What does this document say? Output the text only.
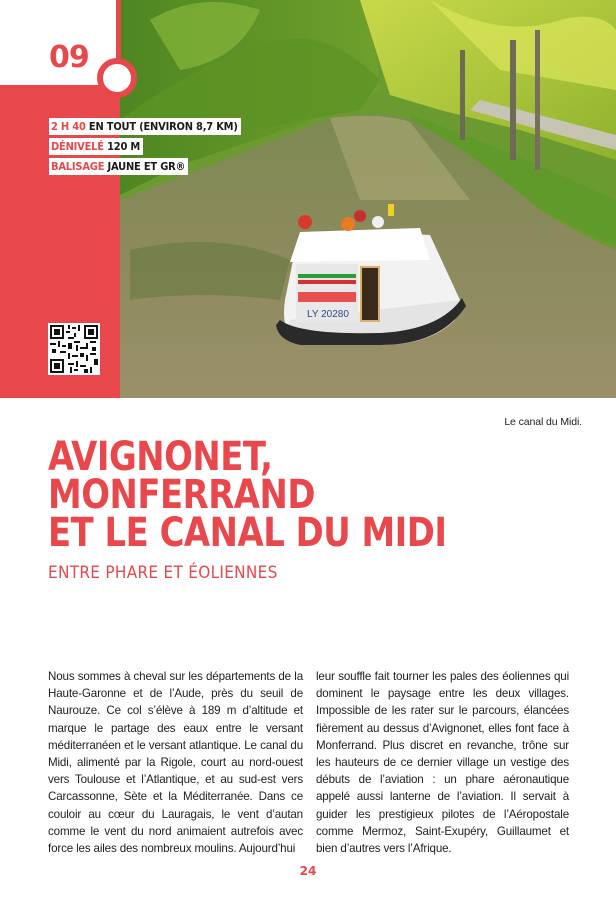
LY 20280
09
2 H 40 EN TOUT (ENVIRON 8,7 KM)
DÉNIVELÉ 120 M
BALISAGE JAUNE ET GR®
Le canal du Midi.
AVIGNONET,
MONFERRAND
ET LE CANAL DU MIDI
ENTRE PHARE ET ÉOLIENNES
Nous sommes à cheval sur les départements de la Haute-Garonne et de l’Aude, près du seuil de Naurouze. Ce col s’élève à 189 m d’altitude et marque le partage des eaux entre le versant méditerranéen et le versant atlantique. Le canal du Midi, alimenté par la Rigole, court au nord-ouest vers Toulouse et l’Atlantique, et au sud-est vers Carcassonne, Sète et la Méditerranée. Dans ce couloir au cœur du Lauragais, le vent d’autan comme le vent du nord animaient autrefois avec force les ailes des nombreux moulins. Aujourd’hui
leur souffle fait tourner les pales des éoliennes qui dominent le paysage entre les deux villages. Impossible de les rater sur le parcours, élancées fièrement au dessus d’Avignonet, elles font face à Monferrand. Plus discret en revanche, trône sur les hauteurs de ce dernier village un vestige des débuts de l’aviation : un phare aéronautique appelé aussi lanterne de l’aviation. Il servait à guider les prestigieux pilotes de l’Aéropostale comme Mermoz, Saint-Exupéry, Guillaumet et bien d’autres vers l’Afrique.
24
